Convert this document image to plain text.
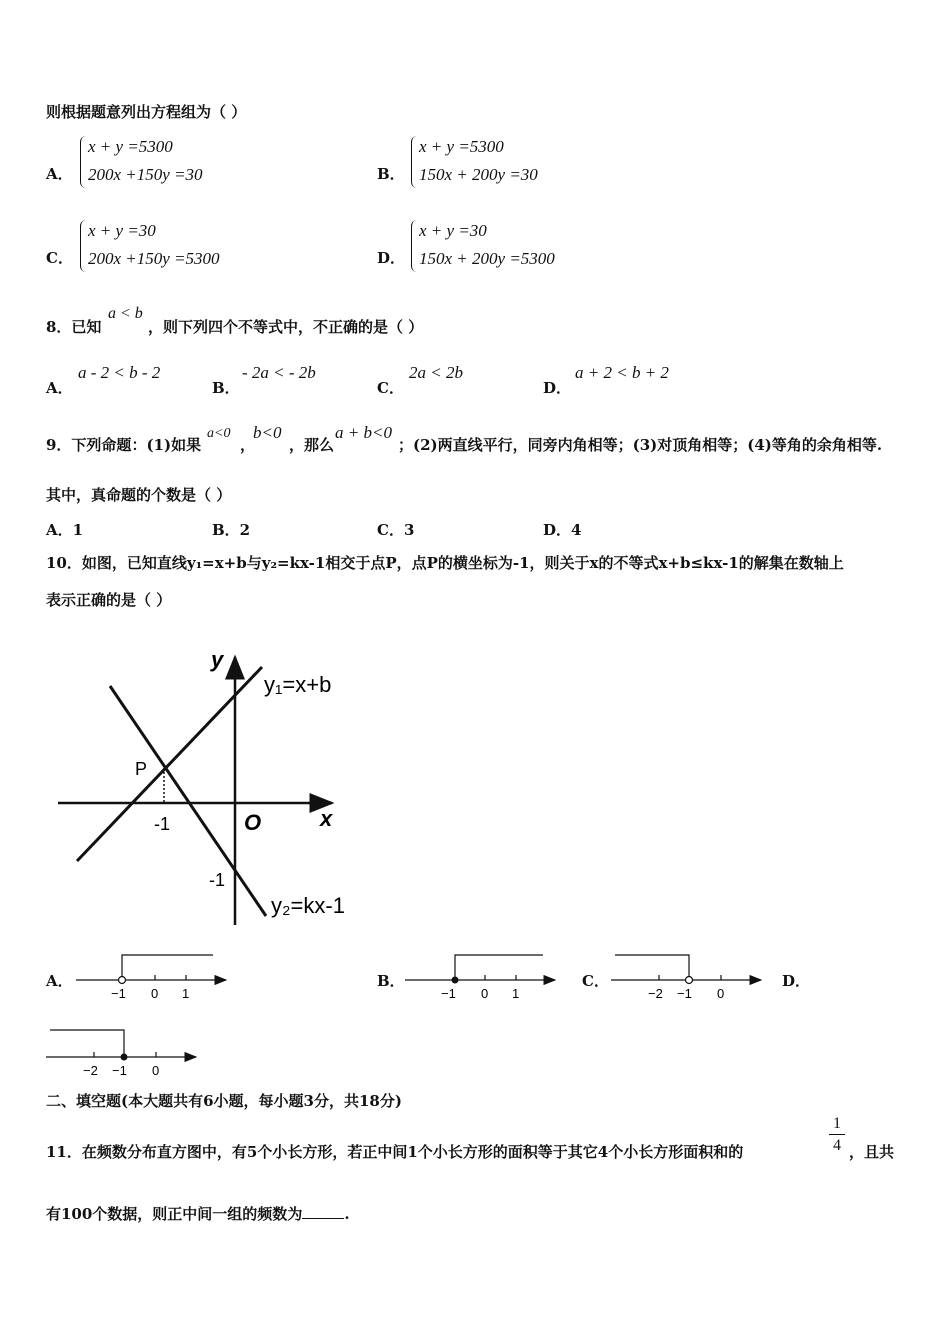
则根据题意列出方程组为（ ）
A．
x + y =5300
200x +150y =30	B．
x + y =5300
150x + 200y =30
C．
x + y =30
200x +150y =5300	D．
x + y =30
150x + 200y =5300
8．已知
a < b
，则下列四个不等式中，不正确的是（ ）
A．
a - 2 < b - 2
B．
- 2a < - 2b
C．
2a < 2b
D．
a + 2 < b + 2
9．下列命题：(1)如果
a<0
，
b<0
，那么
a + b<0
；(2)两直线平行，同旁内角相等；(3)对顶角相等；(4)等角的余角相等.
其中，真命题的个数是（ ）
A．1	B．2	C．3	D．4
10．如图，已知直线y₁=x+b与y₂=kx-1相交于点P，点P的横坐标为-1，则关于x的不等式x+b≤kx-1的解集在数轴上
表示正确的是（ ）
y
x
O
P
-1
-1
y₁=x+b
y₂=kx-1
−1 0 1	−1 0 1	−2 −1 0
−2 −1 0
A．	B．	C．	D．
二、填空题(本大题共有6小题，每小题3分，共18分)
11．在频数分布直方图中，有5个小长方形，若正中间1个小长方形的面积等于其它4个小长方形面积和的
1
4 ，且共
有100个数据，则正中间一组的频数为	.
